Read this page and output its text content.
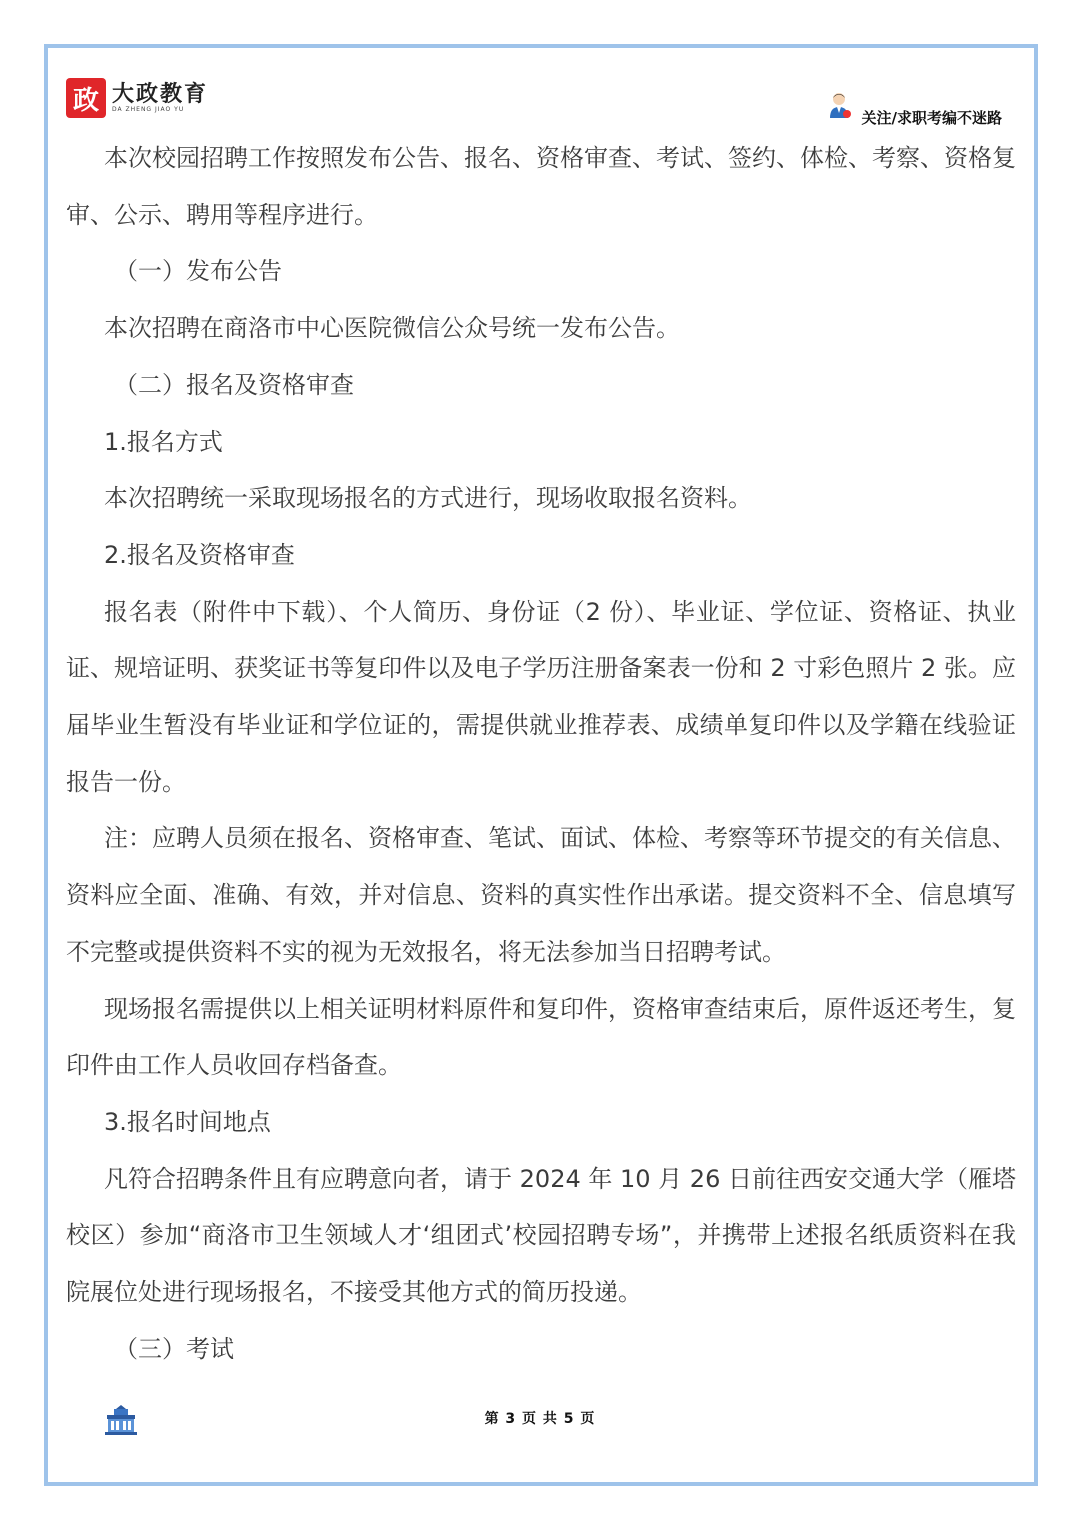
政 大政教育
DA ZHENG JIAO YU	关注/求职考编不迷路

本次校园招聘工作按照发布公告、报名、资格审查、考试、签约、体检、考察、资格复审、公示、聘用等程序进行。

（一）发布公告

本次招聘在商洛市中心医院微信公众号统一发布公告。

（二）报名及资格审查

1.报名方式

本次招聘统一采取现场报名的方式进行，现场收取报名资料。

2.报名及资格审查

报名表（附件中下载）、个人简历、身份证（2 份）、毕业证、学位证、资格证、执业证、规培证明、获奖证书等复印件以及电子学历注册备案表一份和 2 寸彩色照片 2 张。应届毕业生暂没有毕业证和学位证的，需提供就业推荐表、成绩单复印件以及学籍在线验证报告一份。

注：应聘人员须在报名、资格审查、笔试、面试、体检、考察等环节提交的有关信息、资料应全面、准确、有效，并对信息、资料的真实性作出承诺。提交资料不全、信息填写不完整或提供资料不实的视为无效报名，将无法参加当日招聘考试。

现场报名需提供以上相关证明材料原件和复印件，资格审查结束后，原件返还考生，复印件由工作人员收回存档备查。

3.报名时间地点

凡符合招聘条件且有应聘意向者，请于 2024 年 10 月 26 日前往西安交通大学（雁塔校区）参加“商洛市卫生领域人才‘组团式’校园招聘专场”，并携带上述报名纸质资料在我院展位处进行现场报名，不接受其他方式的简历投递。

（三）考试

第 3 页 共 5 页
